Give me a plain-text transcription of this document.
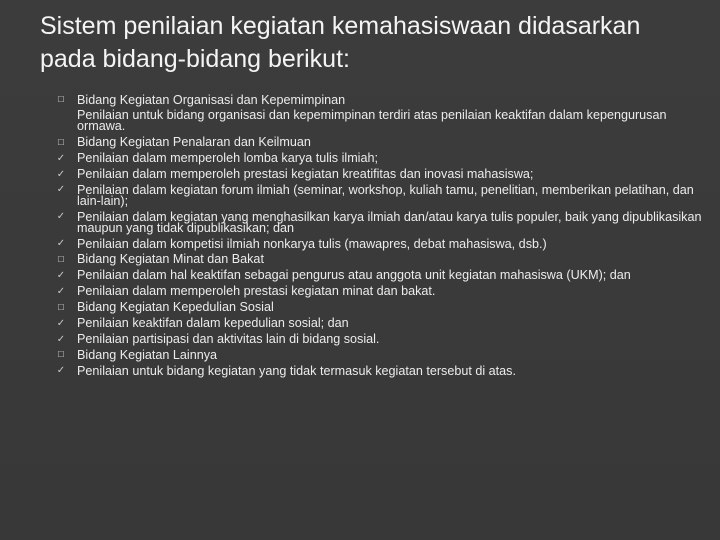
Sistem penilaian kegiatan kemahasiswaan didasarkan pada bidang-bidang berikut:
☐ Bidang Kegiatan Organisasi dan Kepemimpinan
Penilaian untuk bidang organisasi dan kepemimpinan terdiri atas penilaian keaktifan dalam kepengurusan ormawa.
☐ Bidang Kegiatan Penalaran dan Keilmuan
✓ Penilaian dalam memperoleh lomba karya tulis ilmiah;
✓ Penilaian dalam memperoleh prestasi kegiatan kreatifitas dan inovasi mahasiswa;
✓ Penilaian dalam kegiatan forum ilmiah (seminar, workshop, kuliah tamu, penelitian, memberikan pelatihan, dan lain-lain);
✓ Penilaian dalam kegiatan yang menghasilkan karya ilmiah dan/atau karya tulis populer, baik yang dipublikasikan maupun yang tidak dipublikasikan; dan
✓ Penilaian dalam kompetisi ilmiah nonkarya tulis (mawapres, debat mahasiswa, dsb.)
☐ Bidang Kegiatan Minat dan Bakat
✓ Penilaian dalam hal keaktifan sebagai pengurus atau anggota unit kegiatan mahasiswa (UKM); dan
✓ Penilaian dalam memperoleh prestasi kegiatan minat dan bakat.
☐ Bidang Kegiatan Kepedulian Sosial
✓ Penilaian keaktifan dalam kepedulian sosial; dan
✓ Penilaian partisipasi dan aktivitas lain di bidang sosial.
☐ Bidang Kegiatan Lainnya
✓ Penilaian untuk bidang kegiatan yang tidak termasuk kegiatan tersebut di atas.
